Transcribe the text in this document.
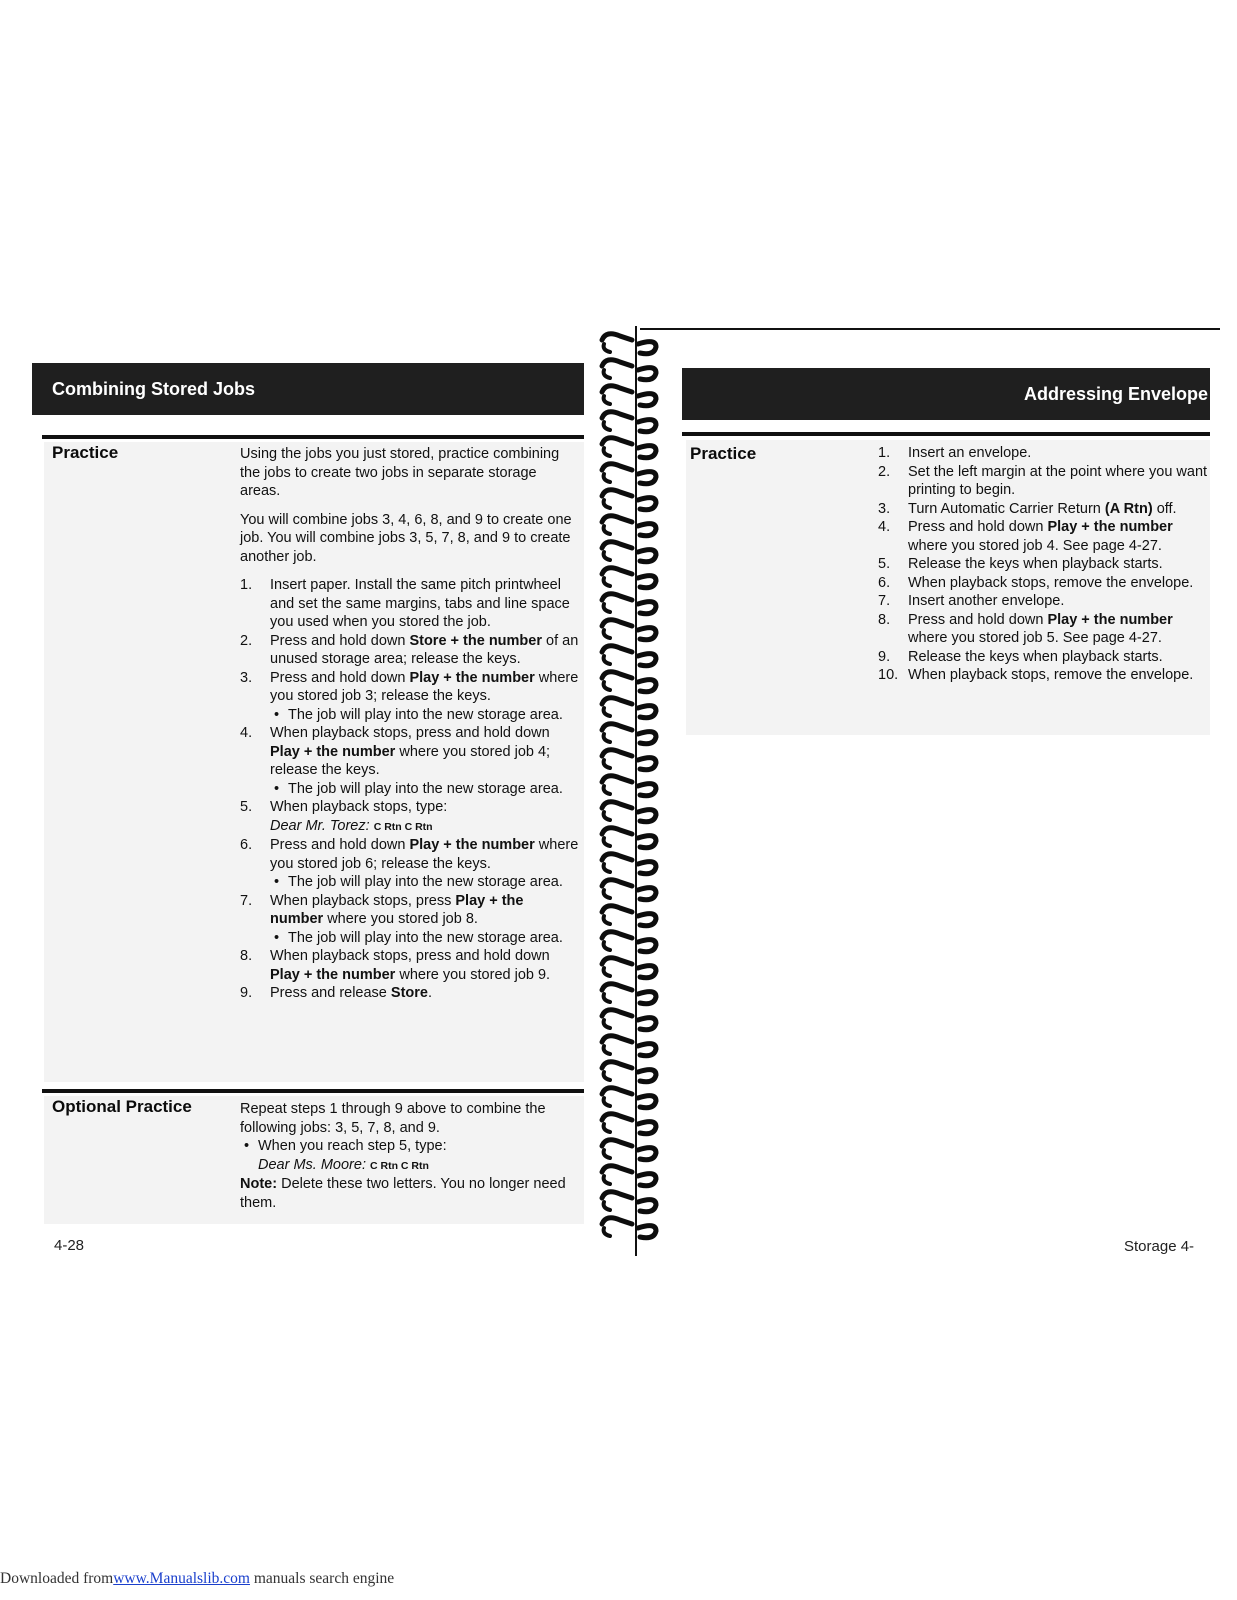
Combining Stored Jobs
Practice	Using the jobs you just stored, practice combining the jobs to create two jobs in separate storage areas.

You will combine jobs 3, 4, 6, 8, and 9 to create one job. You will combine jobs 3, 5, 7, 8, and 9 to create another job.

1.	Insert paper. Install the same pitch printwheel and set the same margins, tabs and line space you used when you stored the job.
2.	Press and hold down Store + the number of an unused storage area; release the keys.
3.	Press and hold down Play + the number where you stored job 3; release the keys.
• The job will play into the new storage area.
4.	When playback stops, press and hold down Play + the number where you stored job 4; release the keys.
• The job will play into the new storage area.
5.	When playback stops, type:
Dear Mr. Torez: C Rtn C Rtn
6.	Press and hold down Play + the number where you stored job 6; release the keys.
• The job will play into the new storage area.
7.	When playback stops, press Play + the number where you stored job 8.
• The job will play into the new storage area.
8.	When playback stops, press and hold down Play + the number where you stored job 9.
9.	Press and release Store.
Optional Practice	Repeat steps 1 through 9 above to combine the following jobs: 3, 5, 7, 8, and 9.
• When you reach step 5, type:
Dear Ms. Moore: C Rtn C Rtn
Note: Delete these two letters. You no longer need them.
4-28
Addressing Envelope
Practice	1.	Insert an envelope.
2.	Set the left margin at the point where you want printing to begin.
3.	Turn Automatic Carrier Return (A Rtn) off.
4.	Press and hold down Play + the number where you stored job 4. See page 4-27.
5.	Release the keys when playback starts.
6.	When playback stops, remove the envelope.
7.	Insert another envelope.
8.	Press and hold down Play + the number where you stored job 5. See page 4-27.
9.	Release the keys when playback starts.
10. When playback stops, remove the envelope.
Storage 4-
Downloaded fromwww.Manualslib.com manuals search engine
